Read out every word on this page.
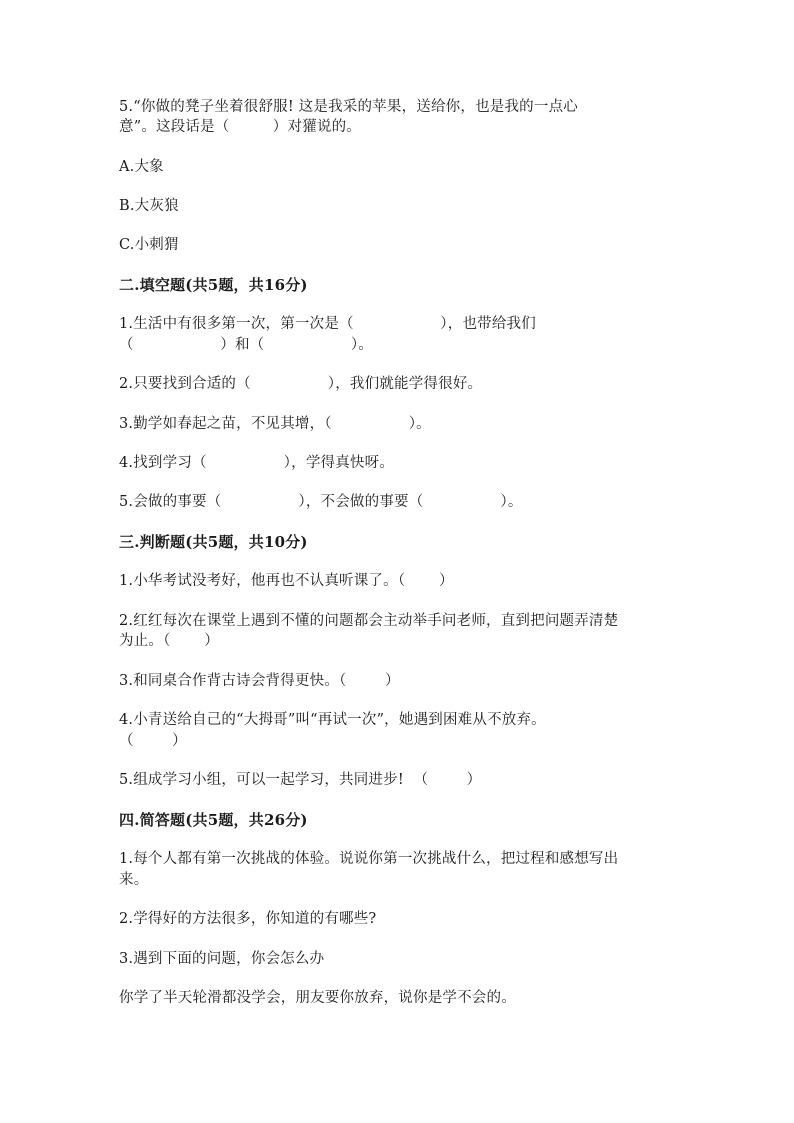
5.“你做的凳子坐着很舒服! 这是我采的苹果，送给你，也是我的一点心
意”。这段话是（         ）对獾说的。
A.大象
B.大灰狼
C.小刺猬
二.填空题(共5题，共16分)
1.生活中有很多第一次，第一次是（                  ），也带给我们
（                  ）和（                  ）。
2.只要找到合适的（                ），我们就能学得很好。
3.勤学如春起之苗，不见其增，（                ）。
4.找到学习（                ），学得真快呀。
5.会做的事要（                ），不会做的事要（                ）。
三.判断题(共5题，共10分)
1.小华考试没考好，他再也不认真听课了。（       ）
2.红红每次在课堂上遇到不懂的问题都会主动举手问老师，直到把问题弄清楚
为止。（       ）
3.和同桌合作背古诗会背得更快。（        ）
4.小青送给自己的“大拇哥”叫“再试一次”，她遇到困难从不放弃。
（        ）
5.组成学习小组，可以一起学习，共同进步!  （        ）
四.简答题(共5题，共26分)
1.每个人都有第一次挑战的体验。说说你第一次挑战什么，把过程和感想写出
来。
2.学得好的方法很多，你知道的有哪些?
3.遇到下面的问题，你会怎么办
你学了半天轮滑都没学会，朋友要你放弃，说你是学不会的。
